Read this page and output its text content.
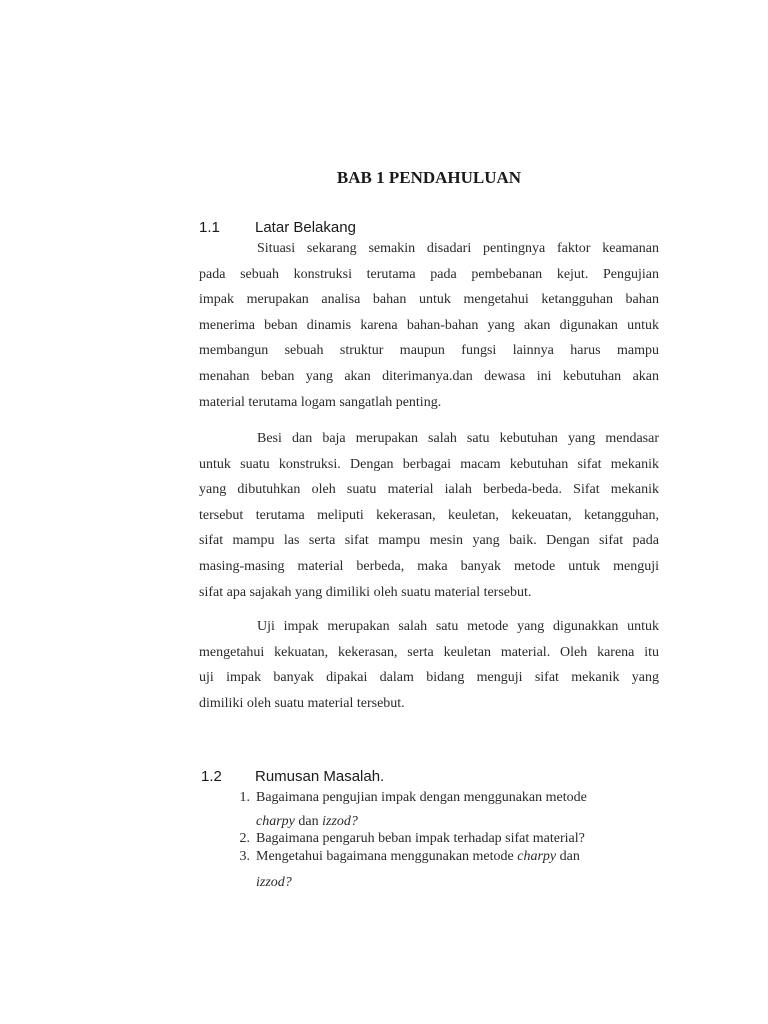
BAB 1 PENDAHULUAN
1.1 Latar Belakang
Situasi sekarang semakin disadari pentingnya faktor keamanan
pada sebuah konstruksi terutama pada pembebanan kejut. Pengujian
impak merupakan analisa bahan untuk mengetahui ketangguhan bahan
menerima beban dinamis karena bahan-bahan yang akan digunakan untuk
membangun sebuah struktur maupun fungsi lainnya harus mampu
menahan beban yang akan diterimanya.dan dewasa ini kebutuhan akan
material terutama logam sangatlah penting.
Besi dan baja merupakan salah satu kebutuhan yang mendasar
untuk suatu konstruksi. Dengan berbagai macam kebutuhan sifat mekanik
yang dibutuhkan oleh suatu material ialah berbeda-beda. Sifat mekanik
tersebut terutama meliputi kekerasan, keuletan, kekeuatan, ketangguhan,
sifat mampu las serta sifat mampu mesin yang baik. Dengan sifat pada
masing-masing material berbeda, maka banyak metode untuk menguji
sifat apa sajakah yang dimiliki oleh suatu material tersebut.
Uji impak merupakan salah satu metode yang digunakkan untuk
mengetahui kekuatan, kekerasan, serta keuletan material. Oleh karena itu
uji impak banyak dipakai dalam bidang menguji sifat mekanik yang
dimiliki oleh suatu material tersebut.
1.2 Rumusan Masalah.
1. Bagaimana pengujian impak dengan menggunakan metode
charpy dan izzod?
2. Bagaimana pengaruh beban impak terhadap sifat material?
3. Mengetahui bagaimana menggunakan metode charpy dan
izzod?
